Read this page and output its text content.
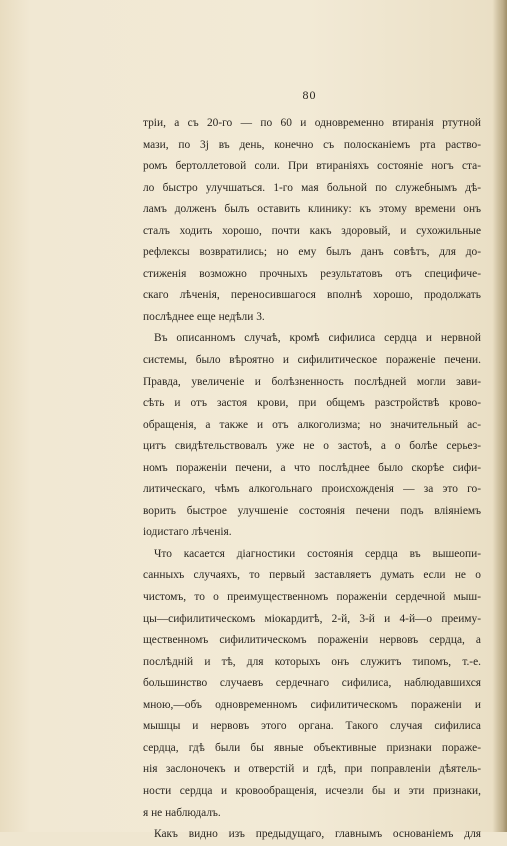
80
тріи, а съ 20-го — по 60 и одновременно втиранія ртутной
мази, по 3j въ день, конечно съ полосканіемъ рта раство-
ромъ бертоллетовой соли. При втираніяхъ состояніе ногъ ста-
ло быстро улучшаться. 1-го мая больной по служебнымъ дѣ-
ламъ долженъ былъ оставить клинику: къ этому времени онъ
сталъ ходить хорошо, почти какъ здоровый, и сухожильные
рефлексы возвратились; но ему былъ данъ совѣтъ, для до-
стиженія возможно прочныхъ результатовъ отъ специфиче-
скаго лѣченія, переносившагося вполнѣ хорошо, продолжать
послѣднее еще недѣли 3.
Въ описанномъ случаѣ, кромѣ сифилиса сердца и нервной
системы, было вѣроятно и сифилитическое пораженіе печени.
Правда, увеличеніе и болѣзненность послѣдней могли зави-
сѣть и отъ застоя крови, при общемъ разстройствѣ крово-
обращенія, а также и отъ алкоголизма; но значительный ас-
цитъ свидѣтельствовалъ уже не о застоѣ, а о болѣе серьез-
номъ пораженіи печени, а что послѣднее было скорѣе сифи-
литическаго, чѣмъ алкогольнаго происхожденія — за это го-
ворить быстрое улучшеніе состоянія печени подъ вліяніемъ
іодистаго лѣченія.
Что касается діагностики состоянія сердца въ вышеопи-
санныхъ случаяхъ, то первый заставляетъ думать если не о
чистомъ, то о преимущественномъ пораженіи сердечной мыш-
цы—сифилитическомъ міокардитѣ, 2-й, 3-й и 4-й—о преиму-
щественномъ сифилитическомъ пораженіи нервовъ сердца, а
послѣдній и тѣ, для которыхъ онъ служитъ типомъ, т.-е.
большинство случаевъ сердечнаго сифилиса, наблюдавшихся
мною,—объ одновременномъ сифилитическомъ пораженіи и
мышцы и нервовъ этого органа. Такого случая сифилиса
сердца, гдѣ были бы явные объективные признаки пораже-
нія заслоночекъ и отверстій и гдѣ, при поправленіи дѣятель-
ности сердца и кровообращенія, исчезли бы и эти признаки,
я не наблюдалъ.
Какъ видно изъ предыдущаго, главнымъ основаніемъ для
